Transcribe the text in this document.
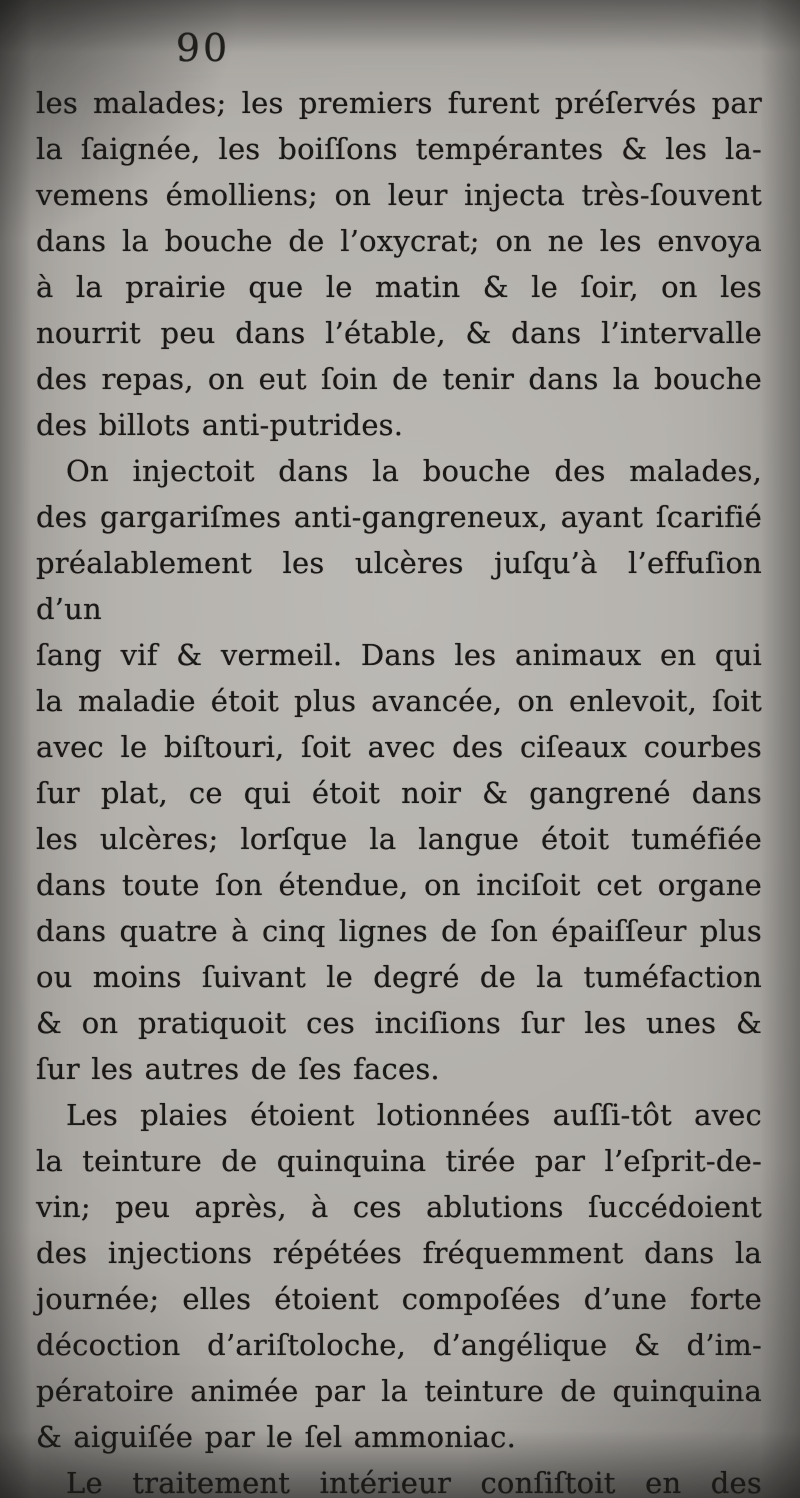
90
les malades; les premiers furent préſervés par
la ſaignée, les boiſſons tempérantes & les la-
vemens émolliens; on leur injecta très-ſouvent
dans la bouche de l’oxycrat; on ne les envoya
à la prairie que le matin & le ſoir, on les
nourrit peu dans l’étable, & dans l’intervalle
des repas, on eut ſoin de tenir dans la bouche
des billots anti-putrides.
On injectoit dans la bouche des malades,
des gargariſmes anti-gangreneux, ayant ſcarifié
préalablement les ulcères juſqu’à l’effuſion d’un
ſang vif & vermeil. Dans les animaux en qui
la maladie étoit plus avancée, on enlevoit, ſoit
avec le biſtouri, ſoit avec des ciſeaux courbes
ſur plat, ce qui étoit noir & gangrené dans
les ulcères; lorſque la langue étoit tuméfiée
dans toute ſon étendue, on inciſoit cet organe
dans quatre à cinq lignes de ſon épaiſſeur plus
ou moins ſuivant le degré de la tuméfaction
& on pratiquoit ces inciſions ſur les unes &
ſur les autres de ſes faces.
Les plaies étoient lotionnées auſſi-tôt avec
la teinture de quinquina tirée par l’eſprit-de-
vin; peu après, à ces ablutions ſuccédoient
des injections répétées fréquemment dans la
journée; elles étoient compoſées d’une forte
décoction d’ariſtoloche, d’angélique & d’im-
pératoire animée par la teinture de quinquina
& aiguiſée par le ſel ammoniac.
Le traitement intérieur conſiſtoit en des
